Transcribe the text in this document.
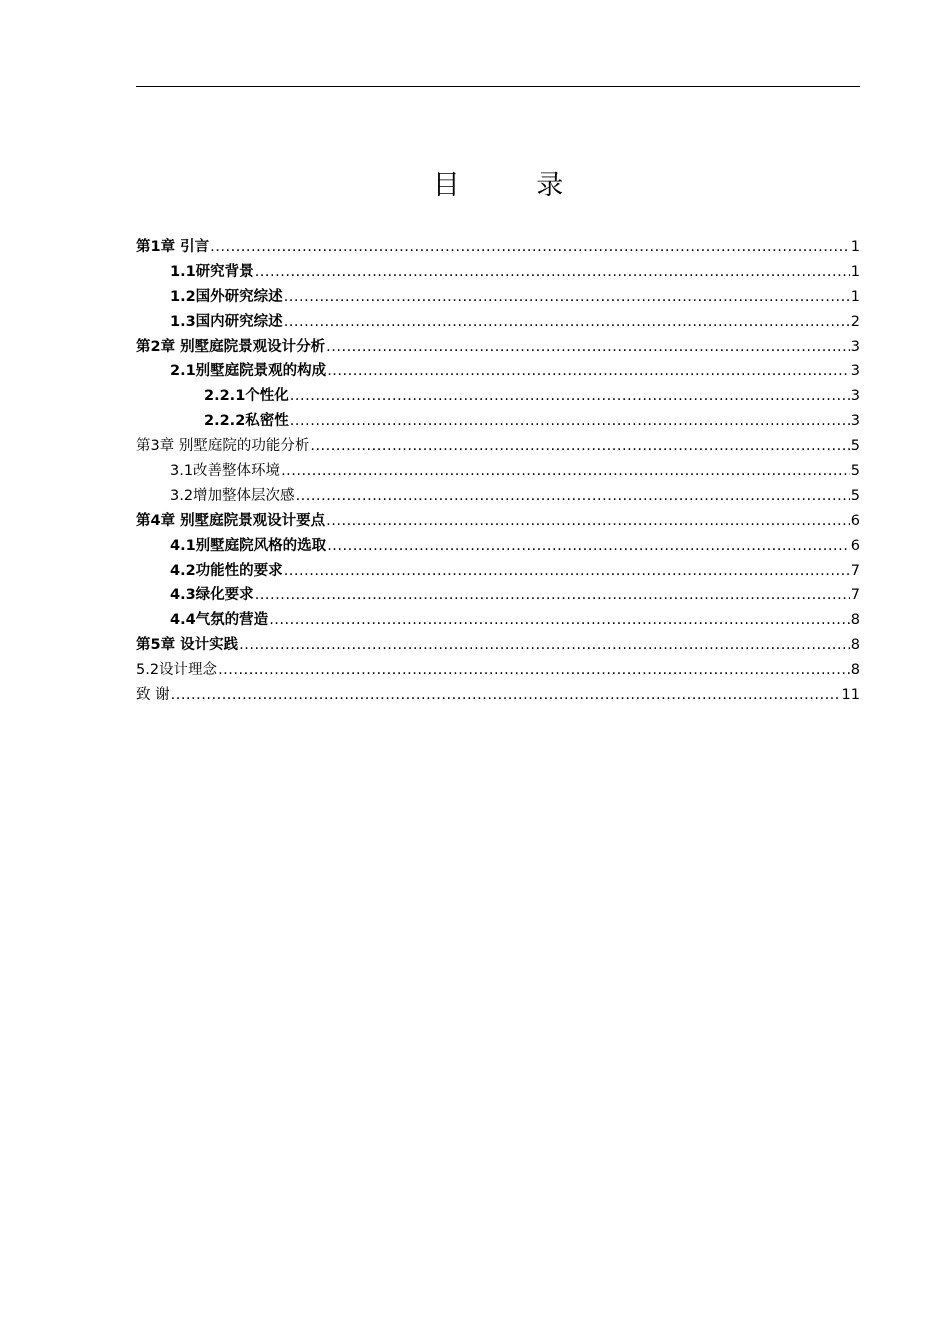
目 录
第1章 引言 .....	1
1.1研究背景 .....	1
1.2国外研究综述 .....	1
1.3国内研究综述 .....	2
第2章 别墅庭院景观设计分析 .....	3
2.1别墅庭院景观的构成 .....	3
2.2.1个性化 .....	3
2.2.2私密性 .....	3
第3章 别墅庭院的功能分析 .....	5
3.1改善整体环境 .....	5
3.2增加整体层次感 .....	5
第4章 别墅庭院景观设计要点 .....	6
4.1别墅庭院风格的选取 .....	6
4.2功能性的要求 .....	7
4.3绿化要求 .....	7
4.4气氛的营造 .....	8
第5章 设计实践 .....	8
5.2设计理念 .....	8
致 谢 .....	11
